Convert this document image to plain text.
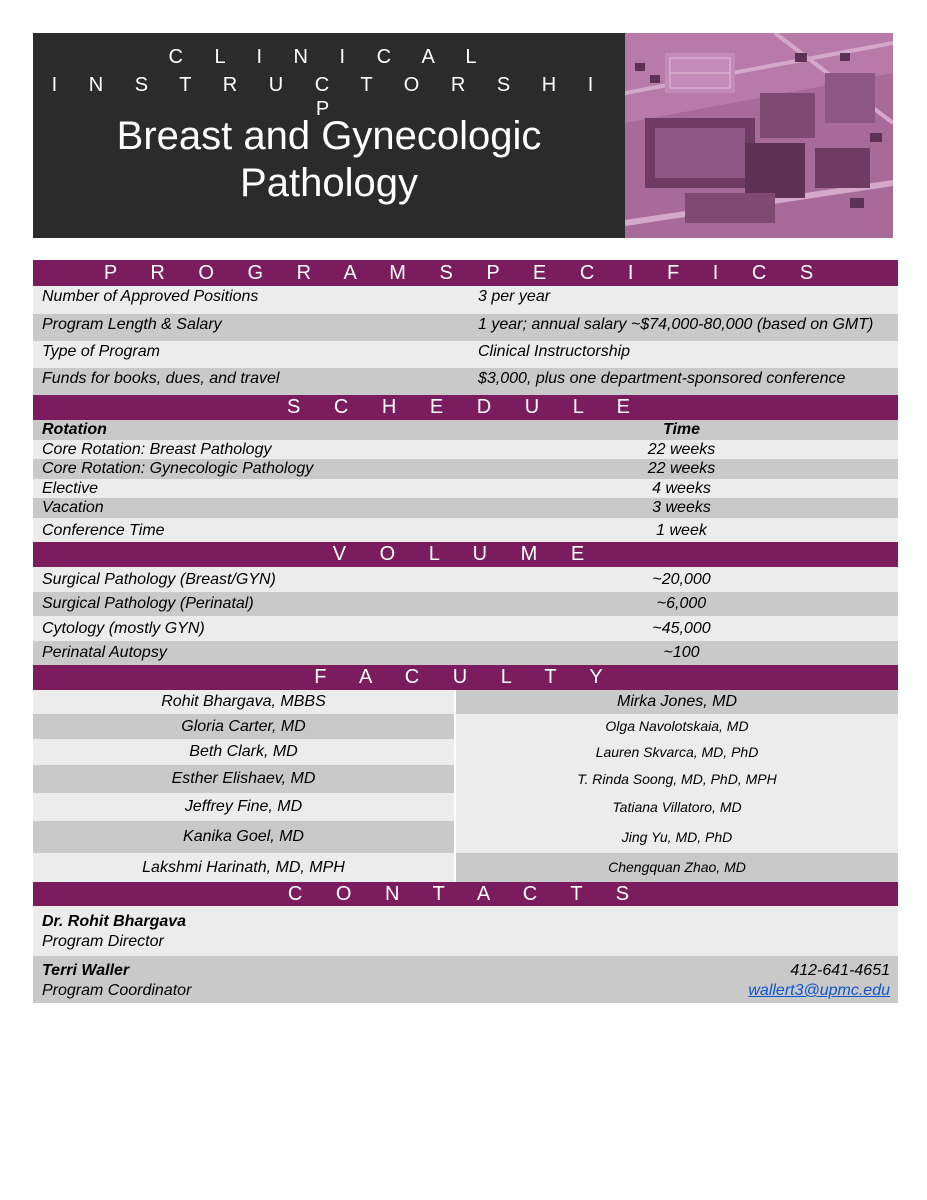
C L I N I C A L
I N S T R U C T O R S H I P
Breast and Gynecologic
Pathology
P R O G R A M S P E C I F I C S
Number of Approved Positions	3 per year
Program Length & Salary	1 year; annual salary ~$74,000-80,000 (based on GMT)
Type of Program	Clinical Instructorship
Funds for books, dues, and travel	$3,000, plus one department-sponsored conference
S C H E D U L E
Rotation	Time
Core Rotation: Breast Pathology	22 weeks
Core Rotation: Gynecologic Pathology	22 weeks
Elective	4 weeks
Vacation	3 weeks
Conference Time	1 week
V O L U M E
Surgical Pathology (Breast/GYN)	~20,000
Surgical Pathology (Perinatal)	~6,000
Cytology (mostly GYN)	~45,000
Perinatal Autopsy	~100
F A C U L T Y
Rohit Bhargava, MBBS	Mirka Jones, MD
Gloria Carter, MD	Olga Navolotskaia, MD
Beth Clark, MD	Lauren Skvarca, MD, PhD
Esther Elishaev, MD	T. Rinda Soong, MD, PhD, MPH
Jeffrey Fine, MD	Tatiana Villatoro, MD
Kanika Goel, MD	Jing Yu, MD, PhD
Lakshmi Harinath, MD, MPH	Chengquan Zhao, MD
C O N T A C T S
Dr. Rohit Bhargava
Program Director
Terri Waller
Program Coordinator
412-641-4651
wallert3@upmc.edu
